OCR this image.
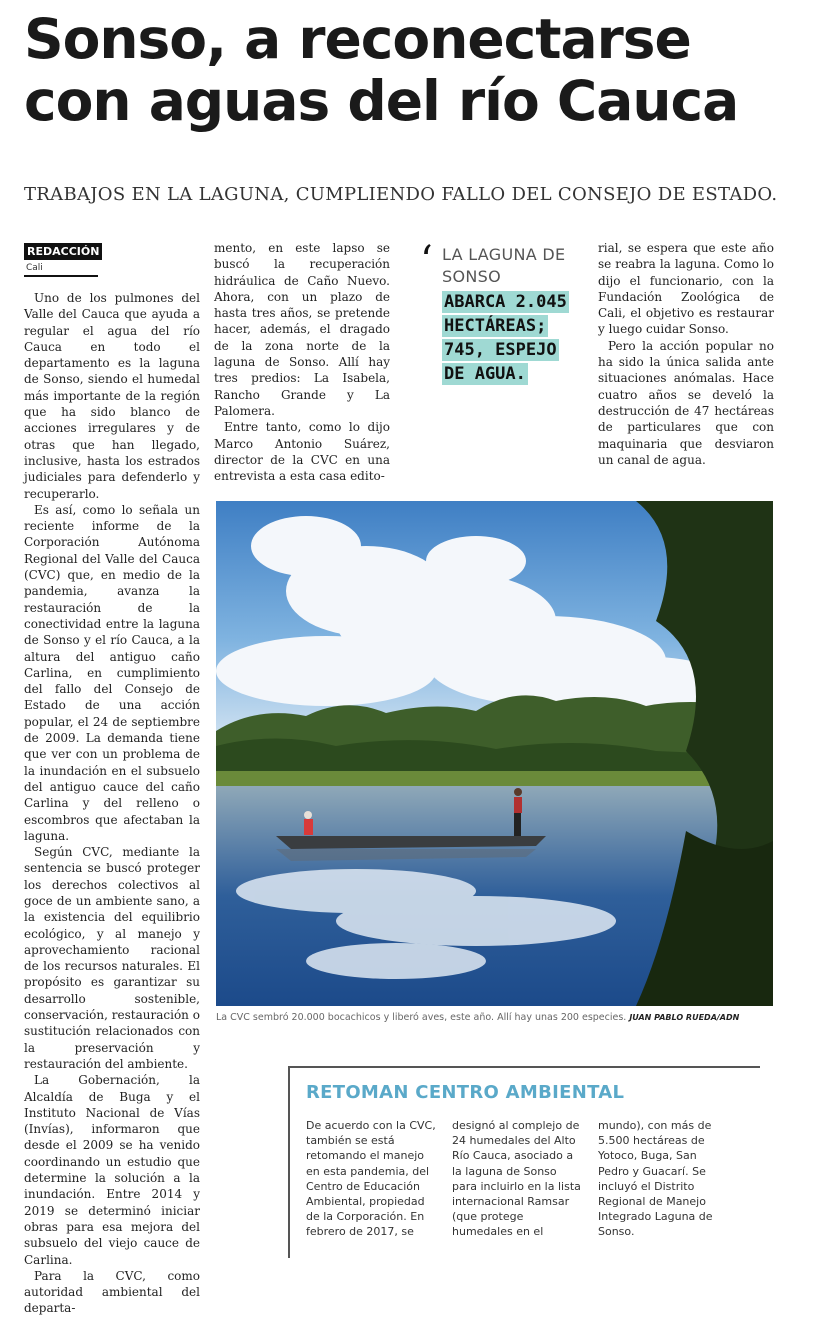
Sonso, a reconectarse con aguas del río Cauca
TRABAJOS EN LA LAGUNA, CUMPLIENDO FALLO DEL CONSEJO DE ESTADO.
REDACCIÓN
Cali

Uno de los pulmones del Valle del Cauca que ayuda a regular el agua del río Cauca en todo el departamento es la laguna de Sonso, siendo el humedal más importante de la región que ha sido blanco de acciones irregulares y de otras que han llegado, inclusive, hasta los estrados judiciales para defenderlo y recuperarlo.

Es así, como lo señala un reciente informe de la Corporación Autónoma Regional del Valle del Cauca (CVC) que, en medio de la pandemia, avanza la restauración de la conectividad entre la laguna de Sonso y el río Cauca, a la altura del antiguo caño Carlina, en cumplimiento del fallo del Consejo de Estado de una acción popular, el 24 de septiembre de 2009. La demanda tiene que ver con un problema de la inundación en el subsuelo del antiguo cauce del caño Carlina y del relleno o escombros que afectaban la laguna.

Según CVC, mediante la sentencia se buscó proteger los derechos colectivos al goce de un ambiente sano, a la existencia del equilibrio ecológico, y al manejo y aprovechamiento racional de los recursos naturales. El propósito es garantizar su desarrollo sostenible, conservación, restauración o sustitución relacionados con la preservación y restauración del ambiente.

La Gobernación, la Alcaldía de Buga y el Instituto Nacional de Vías (Invías), informaron que desde el 2009 se ha venido coordinando un estudio que determine la solución a la inundación. Entre 2014 y 2019 se determinó iniciar obras para esa mejora del subsuelo del viejo cauce de Carlina.

Para la CVC, como autoridad ambiental del departa-

mento, en este lapso se buscó la recuperación hidráulica de Caño Nuevo. Ahora, con un plazo de hasta tres años, se pretende hacer, además, el dragado de la zona norte de la laguna de Sonso. Allí hay tres predios: La Isabela, Rancho Grande y La Palomera.

Entre tanto, como lo dijo Marco Antonio Suárez, director de la CVC en una entrevista a esta casa edito-

‘ LA LAGUNA DE SONSO
ABARCA 2.045 HECTÁREAS; 745, ESPEJO DE AGUA.

rial, se espera que este año se reabra la laguna. Como lo dijo el funcionario, con la Fundación Zoológica de Cali, el objetivo es restaurar y luego cuidar Sonso.

Pero la acción popular no ha sido la única salida ante situaciones anómalas. Hace cuatro años se develó la destrucción de 47 hectáreas de particulares que con maquinaria que desviaron un canal de agua.

La CVC sembró 20.000 bocachicos y liberó aves, este año. Allí hay unas 200 especies. JUAN PABLO RUEDA/ADN
RETOMAN CENTRO AMBIENTAL
De acuerdo con la CVC, también se está retomando el manejo en esta pandemia, del Centro de Educación Ambiental, propiedad de la Corporación. En febrero de 2017, se
designó al complejo de 24 humedales del Alto Río Cauca, asociado a la laguna de Sonso para incluirlo en la lista internacional Ramsar (que protege humedales en el
mundo), con más de 5.500 hectáreas de Yotoco, Buga, San Pedro y Guacarí. Se incluyó el Distrito Regional de Manejo Integrado Laguna de Sonso.
